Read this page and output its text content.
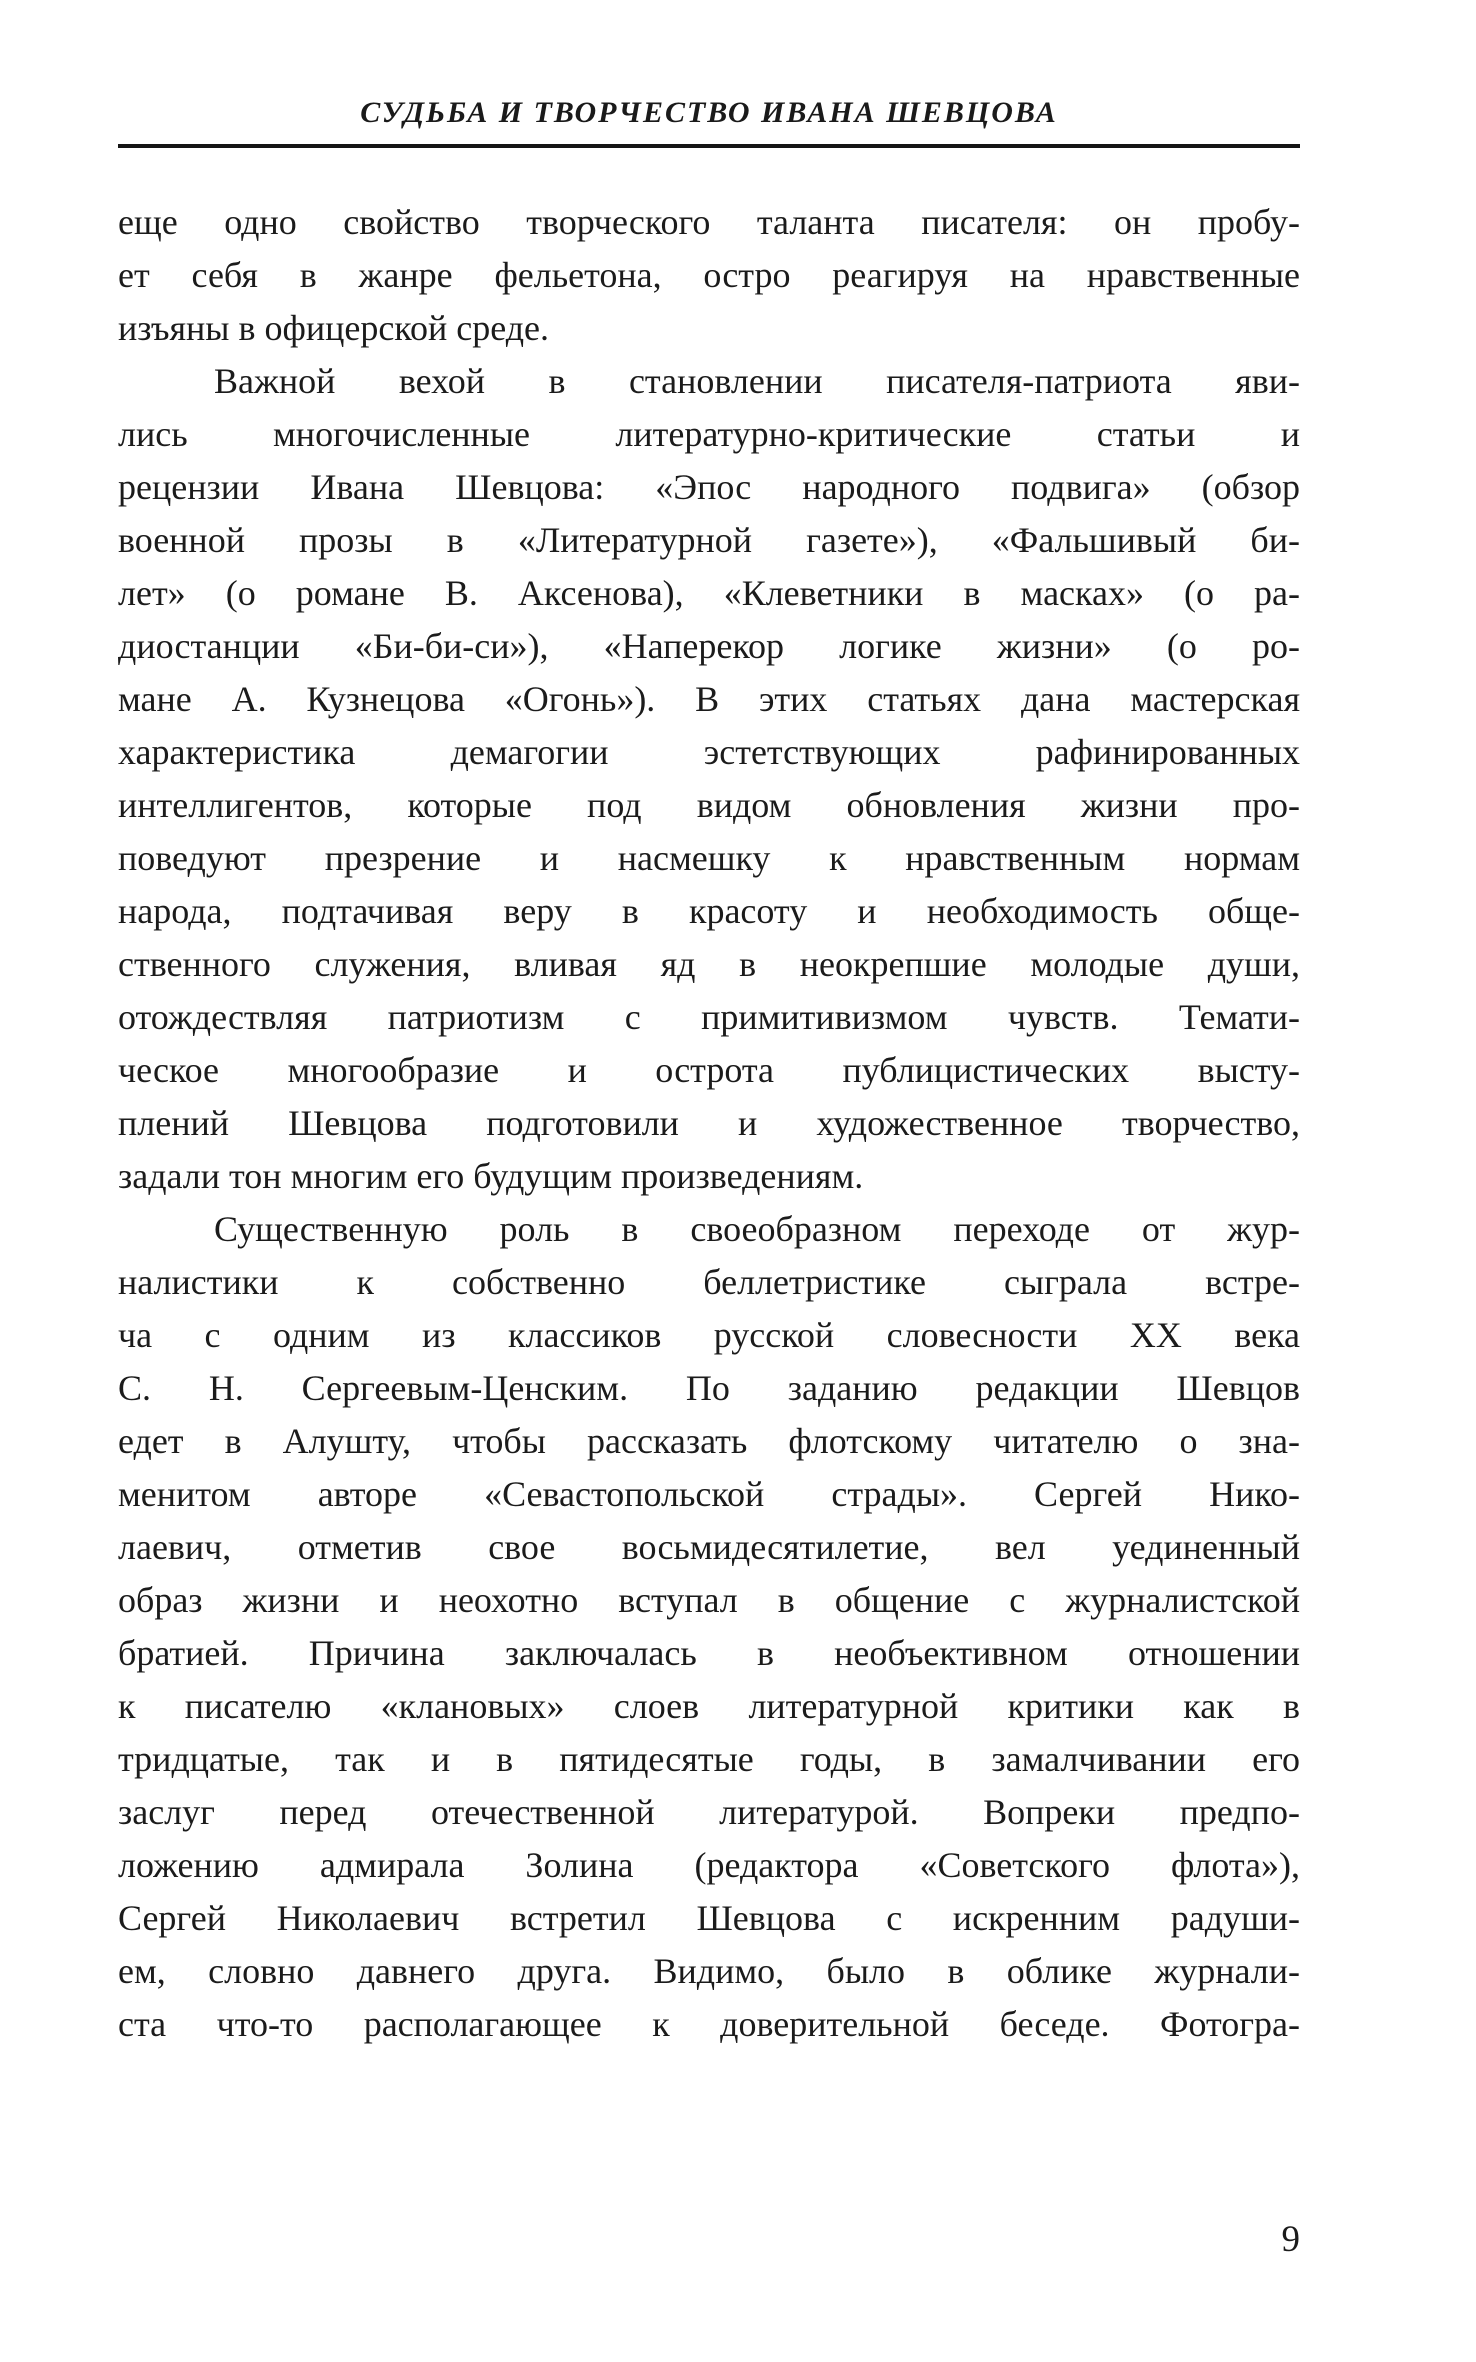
СУДЬБА И ТВОРЧЕСТВО ИВАНА ШЕВЦОВА
еще одно свойство творческого таланта писателя: он пробу-
ет себя в жанре фельетона, остро реагируя на нравственные
изъяны в офицерской среде.
Важной вехой в становлении писателя-патриота яви-
лись многочисленные литературно-критические статьи и
рецензии Ивана Шевцова: «Эпос народного подвига» (обзор
военной прозы в «Литературной газете»), «Фальшивый би-
лет» (о романе В. Аксенова), «Клеветники в масках» (о ра-
диостанции «Би-би-си»), «Наперекор логике жизни» (о ро-
мане А. Кузнецова «Огонь»). В этих статьях дана мастерская
характеристика демагогии эстетствующих рафинированных
интеллигентов, которые под видом обновления жизни про-
поведуют презрение и насмешку к нравственным нормам
народа, подтачивая веру в красоту и необходимость обще-
ственного служения, вливая яд в неокрепшие молодые души,
отождествляя патриотизм с примитивизмом чувств. Темати-
ческое многообразие и острота публицистических высту-
плений Шевцова подготовили и художественное творчество,
задали тон многим его будущим произведениям.
Существенную роль в своеобразном переходе от жур-
налистики к собственно беллетристике сыграла встре-
ча с одним из классиков русской словесности XX века
С. Н. Сергеевым-Ценским. По заданию редакции Шевцов
едет в Алушту, чтобы рассказать флотскому читателю о зна-
менитом авторе «Севастопольской страды». Сергей Нико-
лаевич, отметив свое восьмидесятилетие, вел уединенный
образ жизни и неохотно вступал в общение с журналистской
братией. Причина заключалась в необъективном отношении
к писателю «клановых» слоев литературной критики как в
тридцатые, так и в пятидесятые годы, в замалчивании его
заслуг перед отечественной литературой. Вопреки предпо-
ложению адмирала Золина (редактора «Советского флота»),
Сергей Николаевич встретил Шевцова с искренним радуши-
ем, словно давнего друга. Видимо, было в облике журнали-
ста что-то располагающее к доверительной беседе. Фотогра-
9
